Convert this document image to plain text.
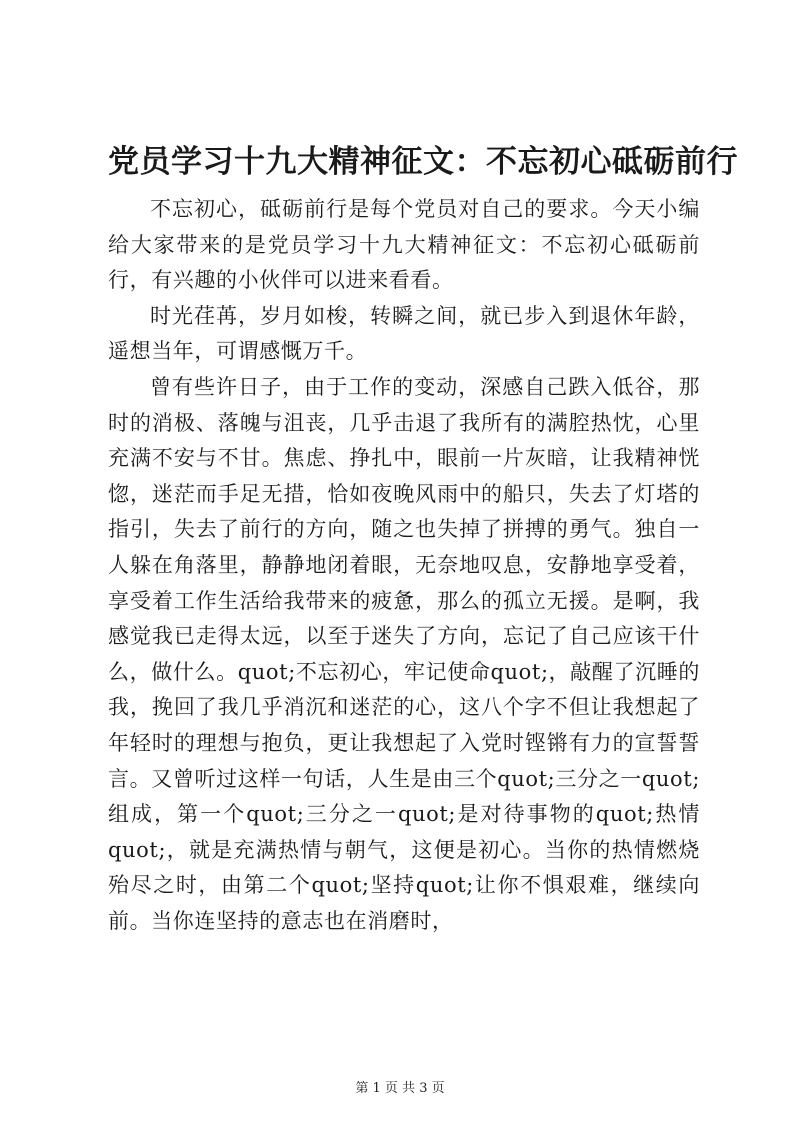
党员学习十九大精神征文：不忘初心砥砺前行

不忘初心，砥砺前行是每个党员对自己的要求。今天小编给大家带来的是党员学习十九大精神征文：不忘初心砥砺前行，有兴趣的小伙伴可以进来看看。

时光荏苒，岁月如梭，转瞬之间，就已步入到退休年龄，遥想当年，可谓感慨万千。

曾有些许日子，由于工作的变动，深感自己跌入低谷，那时的消极、落魄与沮丧，几乎击退了我所有的满腔热忱，心里充满不安与不甘。焦虑、挣扎中，眼前一片灰暗，让我精神恍惚，迷茫而手足无措，恰如夜晚风雨中的船只，失去了灯塔的指引，失去了前行的方向，随之也失掉了拼搏的勇气。独自一人躲在角落里，静静地闭着眼，无奈地叹息，安静地享受着，享受着工作生活给我带来的疲惫，那么的孤立无援。是啊，我感觉我已走得太远，以至于迷失了方向，忘记了自己应该干什么，做什么。quot;不忘初心，牢记使命quot;，敲醒了沉睡的我，挽回了我几乎消沉和迷茫的心，这八个字不但让我想起了年轻时的理想与抱负，更让我想起了入党时铿锵有力的宣誓誓言。又曾听过这样一句话，人生是由三个quot;三分之一quot;组成，第一个quot;三分之一quot;是对待事物的quot;热情quot;，就是充满热情与朝气，这便是初心。当你的热情燃烧殆尽之时，由第二个quot;坚持quot;让你不惧艰难，继续向前。当你连坚持的意志也在消磨时，

第 1 页 共 3 页
